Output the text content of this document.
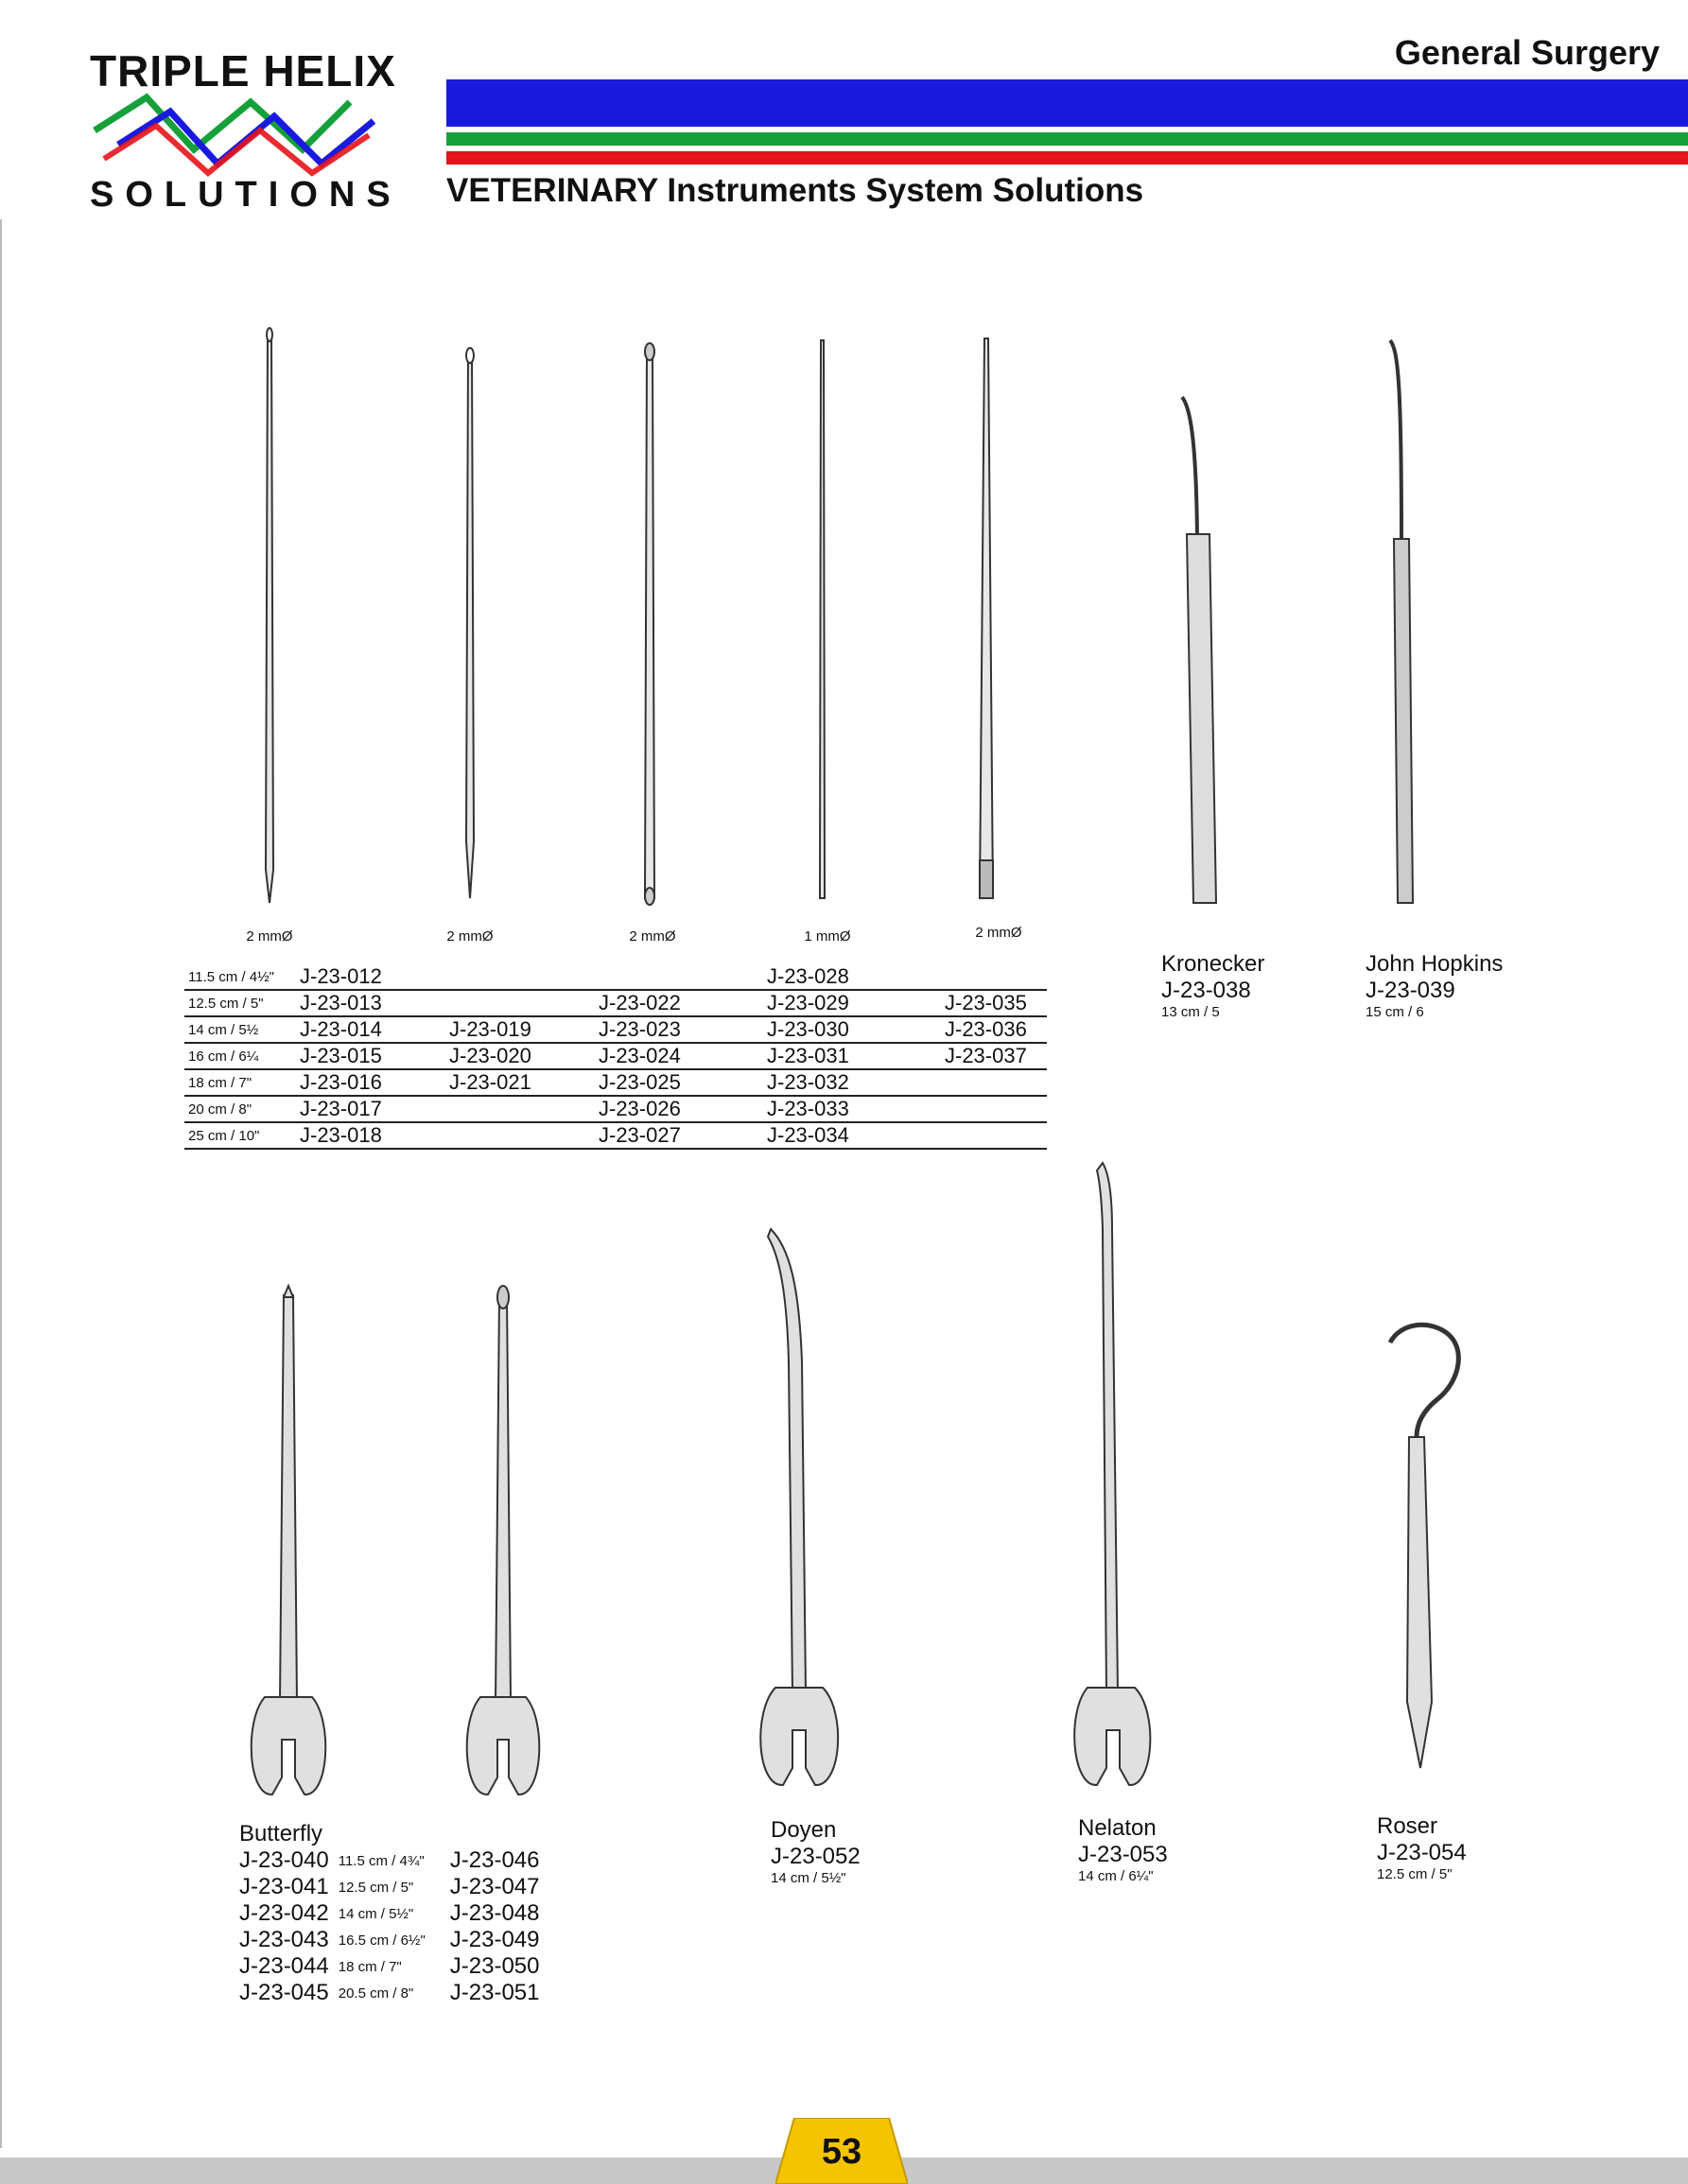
TRIPLE HELIX
SOLUTIONS
General Surgery
VETERINARY Instruments System Solutions
2 mmØ	2 mmØ	2 mmØ	1 mmØ	2 mmØ
11.5 cm / 4½"	J-23-012			J-23-028	
12.5 cm / 5"	J-23-013		J-23-022	J-23-029	J-23-035
14 cm / 5½	J-23-014	J-23-019	J-23-023	J-23-030	J-23-036
16 cm / 6¼	J-23-015	J-23-020	J-23-024	J-23-031	J-23-037
18 cm / 7"	J-23-016	J-23-021	J-23-025	J-23-032	
20 cm / 8"	J-23-017		J-23-026	J-23-033	
25 cm / 10"	J-23-018		J-23-027	J-23-034	
Kronecker
J-23-038
13 cm / 5
John Hopkins
J-23-039
15 cm / 6
Butterfly
J-23-040	11.5 cm / 4¾"	J-23-046
J-23-041	12.5 cm / 5"	J-23-047
J-23-042	14 cm / 5½"	J-23-048
J-23-043	16.5 cm / 6½"	J-23-049
J-23-044	18 cm / 7"	J-23-050
J-23-045	20.5 cm / 8"	J-23-051
Doyen
J-23-052
14 cm / 5½"
Nelaton
J-23-053
14 cm / 6¼"
Roser
J-23-054
12.5 cm / 5"
53
